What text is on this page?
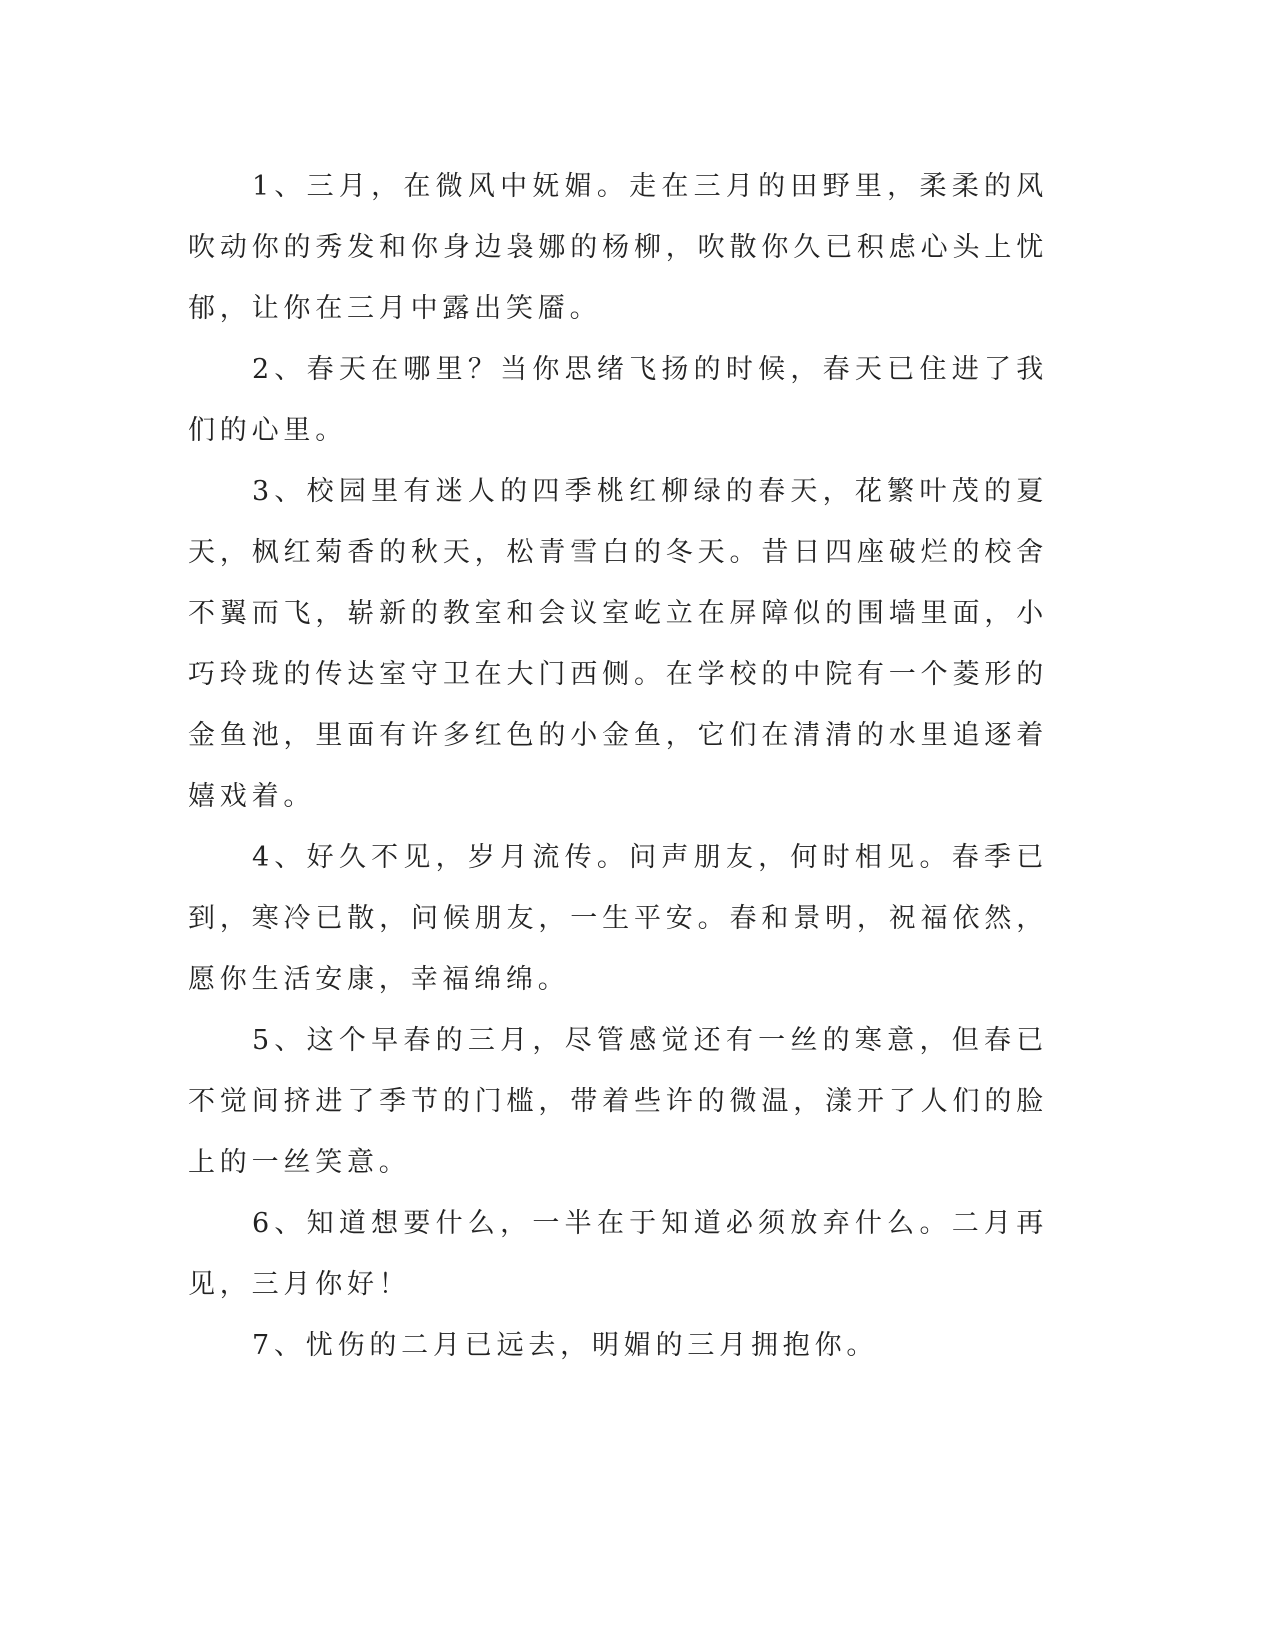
1、三月，在微风中妩媚。走在三月的田野里，柔柔的风吹动你的秀发和你身边袅娜的杨柳，吹散你久已积虑心头上忧郁，让你在三月中露出笑靥。

2、春天在哪里？当你思绪飞扬的时候，春天已住进了我们的心里。

3、校园里有迷人的四季桃红柳绿的春天，花繁叶茂的夏天，枫红菊香的秋天，松青雪白的冬天。昔日四座破烂的校舍不翼而飞，崭新的教室和会议室屹立在屏障似的围墙里面，小巧玲珑的传达室守卫在大门西侧。在学校的中院有一个菱形的金鱼池，里面有许多红色的小金鱼，它们在清清的水里追逐着嬉戏着。

4、好久不见，岁月流传。问声朋友，何时相见。春季已到，寒冷已散，问候朋友，一生平安。春和景明，祝福依然，愿你生活安康，幸福绵绵。

5、这个早春的三月，尽管感觉还有一丝的寒意，但春已不觉间挤进了季节的门槛，带着些许的微温，漾开了人们的脸上的一丝笑意。

6、知道想要什么，一半在于知道必须放弃什么。二月再见，三月你好！

7、忧伤的二月已远去，明媚的三月拥抱你。
